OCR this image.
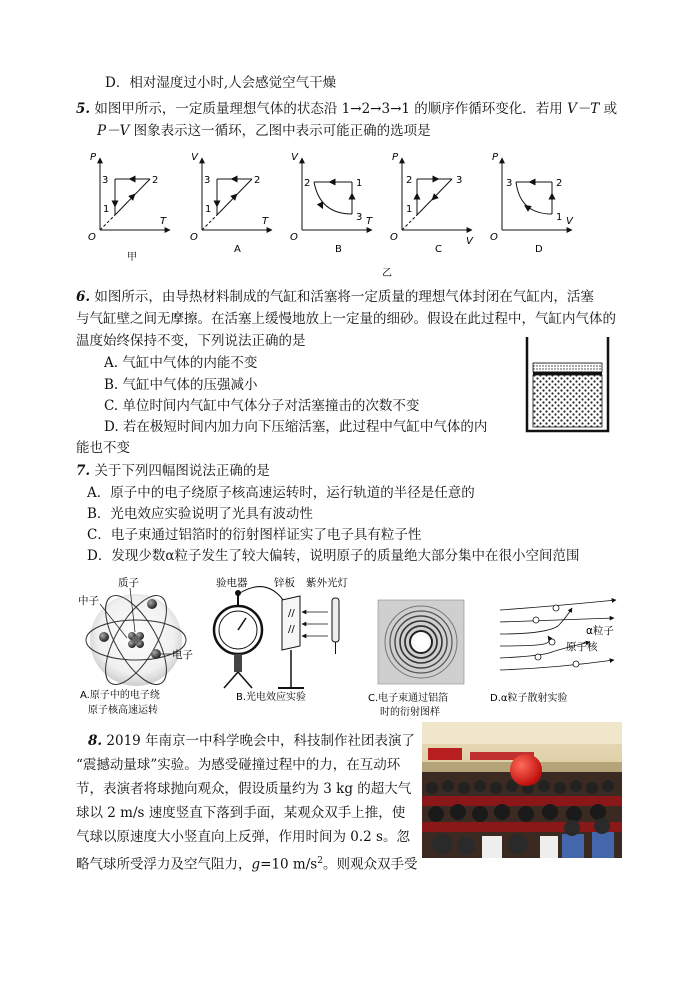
D．相对湿度过小时,人会感觉空气干燥
5. 如图甲所示，一定质量理想气体的状态沿 1→2→3→1 的顺序作循环变化．若用 V－T 或
P－V 图象表示这一循环，乙图中表示可能正确的选项是
P
T
O
3	2
1
甲
V
T
O
3	2
1
A
V
T
O
2	1
3
B
P
V
O
2	3
1
C
P
V
O
3	2
1
D
乙
6. 如图所示，由导热材料制成的气缸和活塞将一定质量的理想气体封闭在气缸内，活塞
与气缸壁之间无摩擦。在活塞上缓慢地放上一定量的细砂。假设在此过程中，气缸内气体的
温度始终保持不变，下列说法正确的是
A. 气缸中气体的内能不变
B. 气缸中气体的压强减小
C. 单位时间内气缸中气体分子对活塞撞击的次数不变
D. 若在极短时间内加力向下压缩活塞，此过程中气缸中气体的内
能也不变
7. 关于下列四幅图说法正确的是
A．原子中的电子绕原子核高速运转时，运行轨道的半径是任意的
B．光电效应实验说明了光具有波动性
C．电子束通过铝箔时的衍射图样证实了电子具有粒子性
D．发现少数α粒子发生了较大偏转，说明原子的质量绝大部分集中在很小空间范围
质子
中子
电子
A.原子中的电子绕
原子核高速运转
验电器	锌板 紫外光灯
//
//
B.光电效应实验	C.电子束通过铝箔
时的衍射图样
α粒子
原子核
D.α粒子散射实验
8. 2019 年南京一中科学晚会中，科技制作社团表演了
“震撼动量球”实验。为感受碰撞过程中的力，在互动环
节，表演者将球抛向观众，假设质量约为 3 kg 的超大气
球以 2 m/s 速度竖直下落到手面，某观众双手上推，使
气球以原速度大小竖直向上反弹，作用时间为 0.2 s。忽
略气球所受浮力及空气阻力，g=10 $m/s^2$。则观众双手受
